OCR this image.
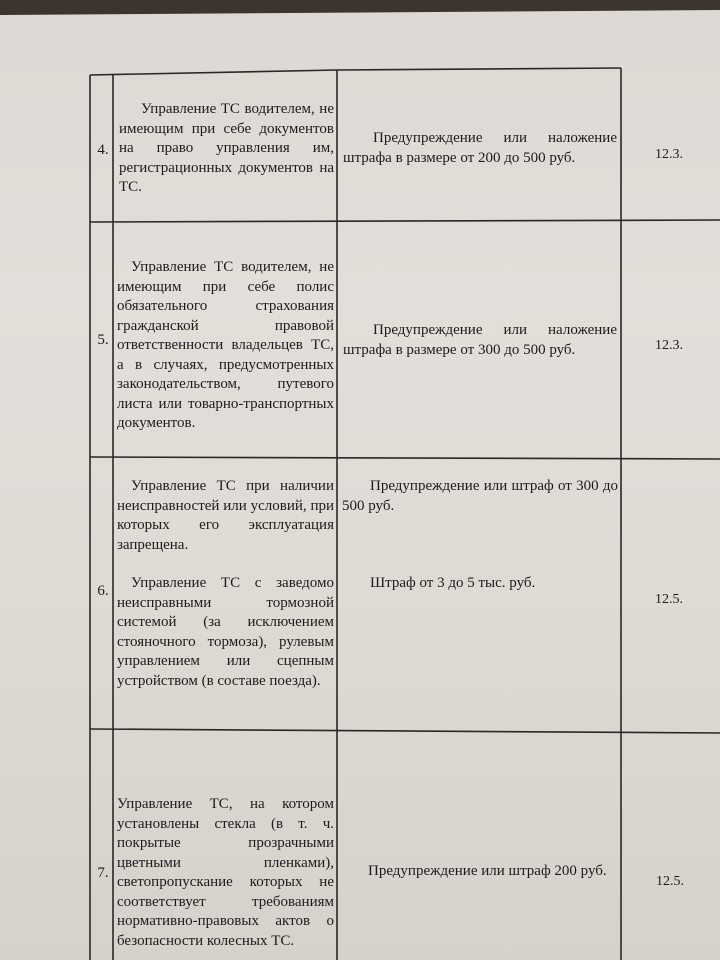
4.
Управление ТС водителем, не имеющим при себе документов на право управления им, регистрационных документов на ТС.
Предупреждение или наложение штрафа в размере от 200 до 500 руб.	12.3.
5.
Управление ТС водителем, не имеющим при себе полис обязательного страхования гражданской правовой ответственности владельцев ТС, а в случаях, предусмотренных законодательством, путевого листа или товарно-транспортных документов.
Предупреждение или наложение штрафа в размере от 300 до 500 руб.	12.3.
6.
Управление ТС при наличии неисправностей или условий, при которых его эксплуатация запрещена.
Предупреждение или штраф от 300 до 500 руб.
Управление ТС с заведомо неисправными тормозной системой (за исключением стояночного тормоза), рулевым управлением или сцепным устройством (в составе поезда).
Штраф от 3 до 5 тыс. руб.
12.5.
7.
Управление ТС, на котором установлены стекла (в т. ч. покрытые прозрачными цветными пленками), светопропускание которых не соответствует требованиям нормативно-правовых актов о безопасности колесных ТС.
Предупреждение или штраф 200 руб.
12.5.
